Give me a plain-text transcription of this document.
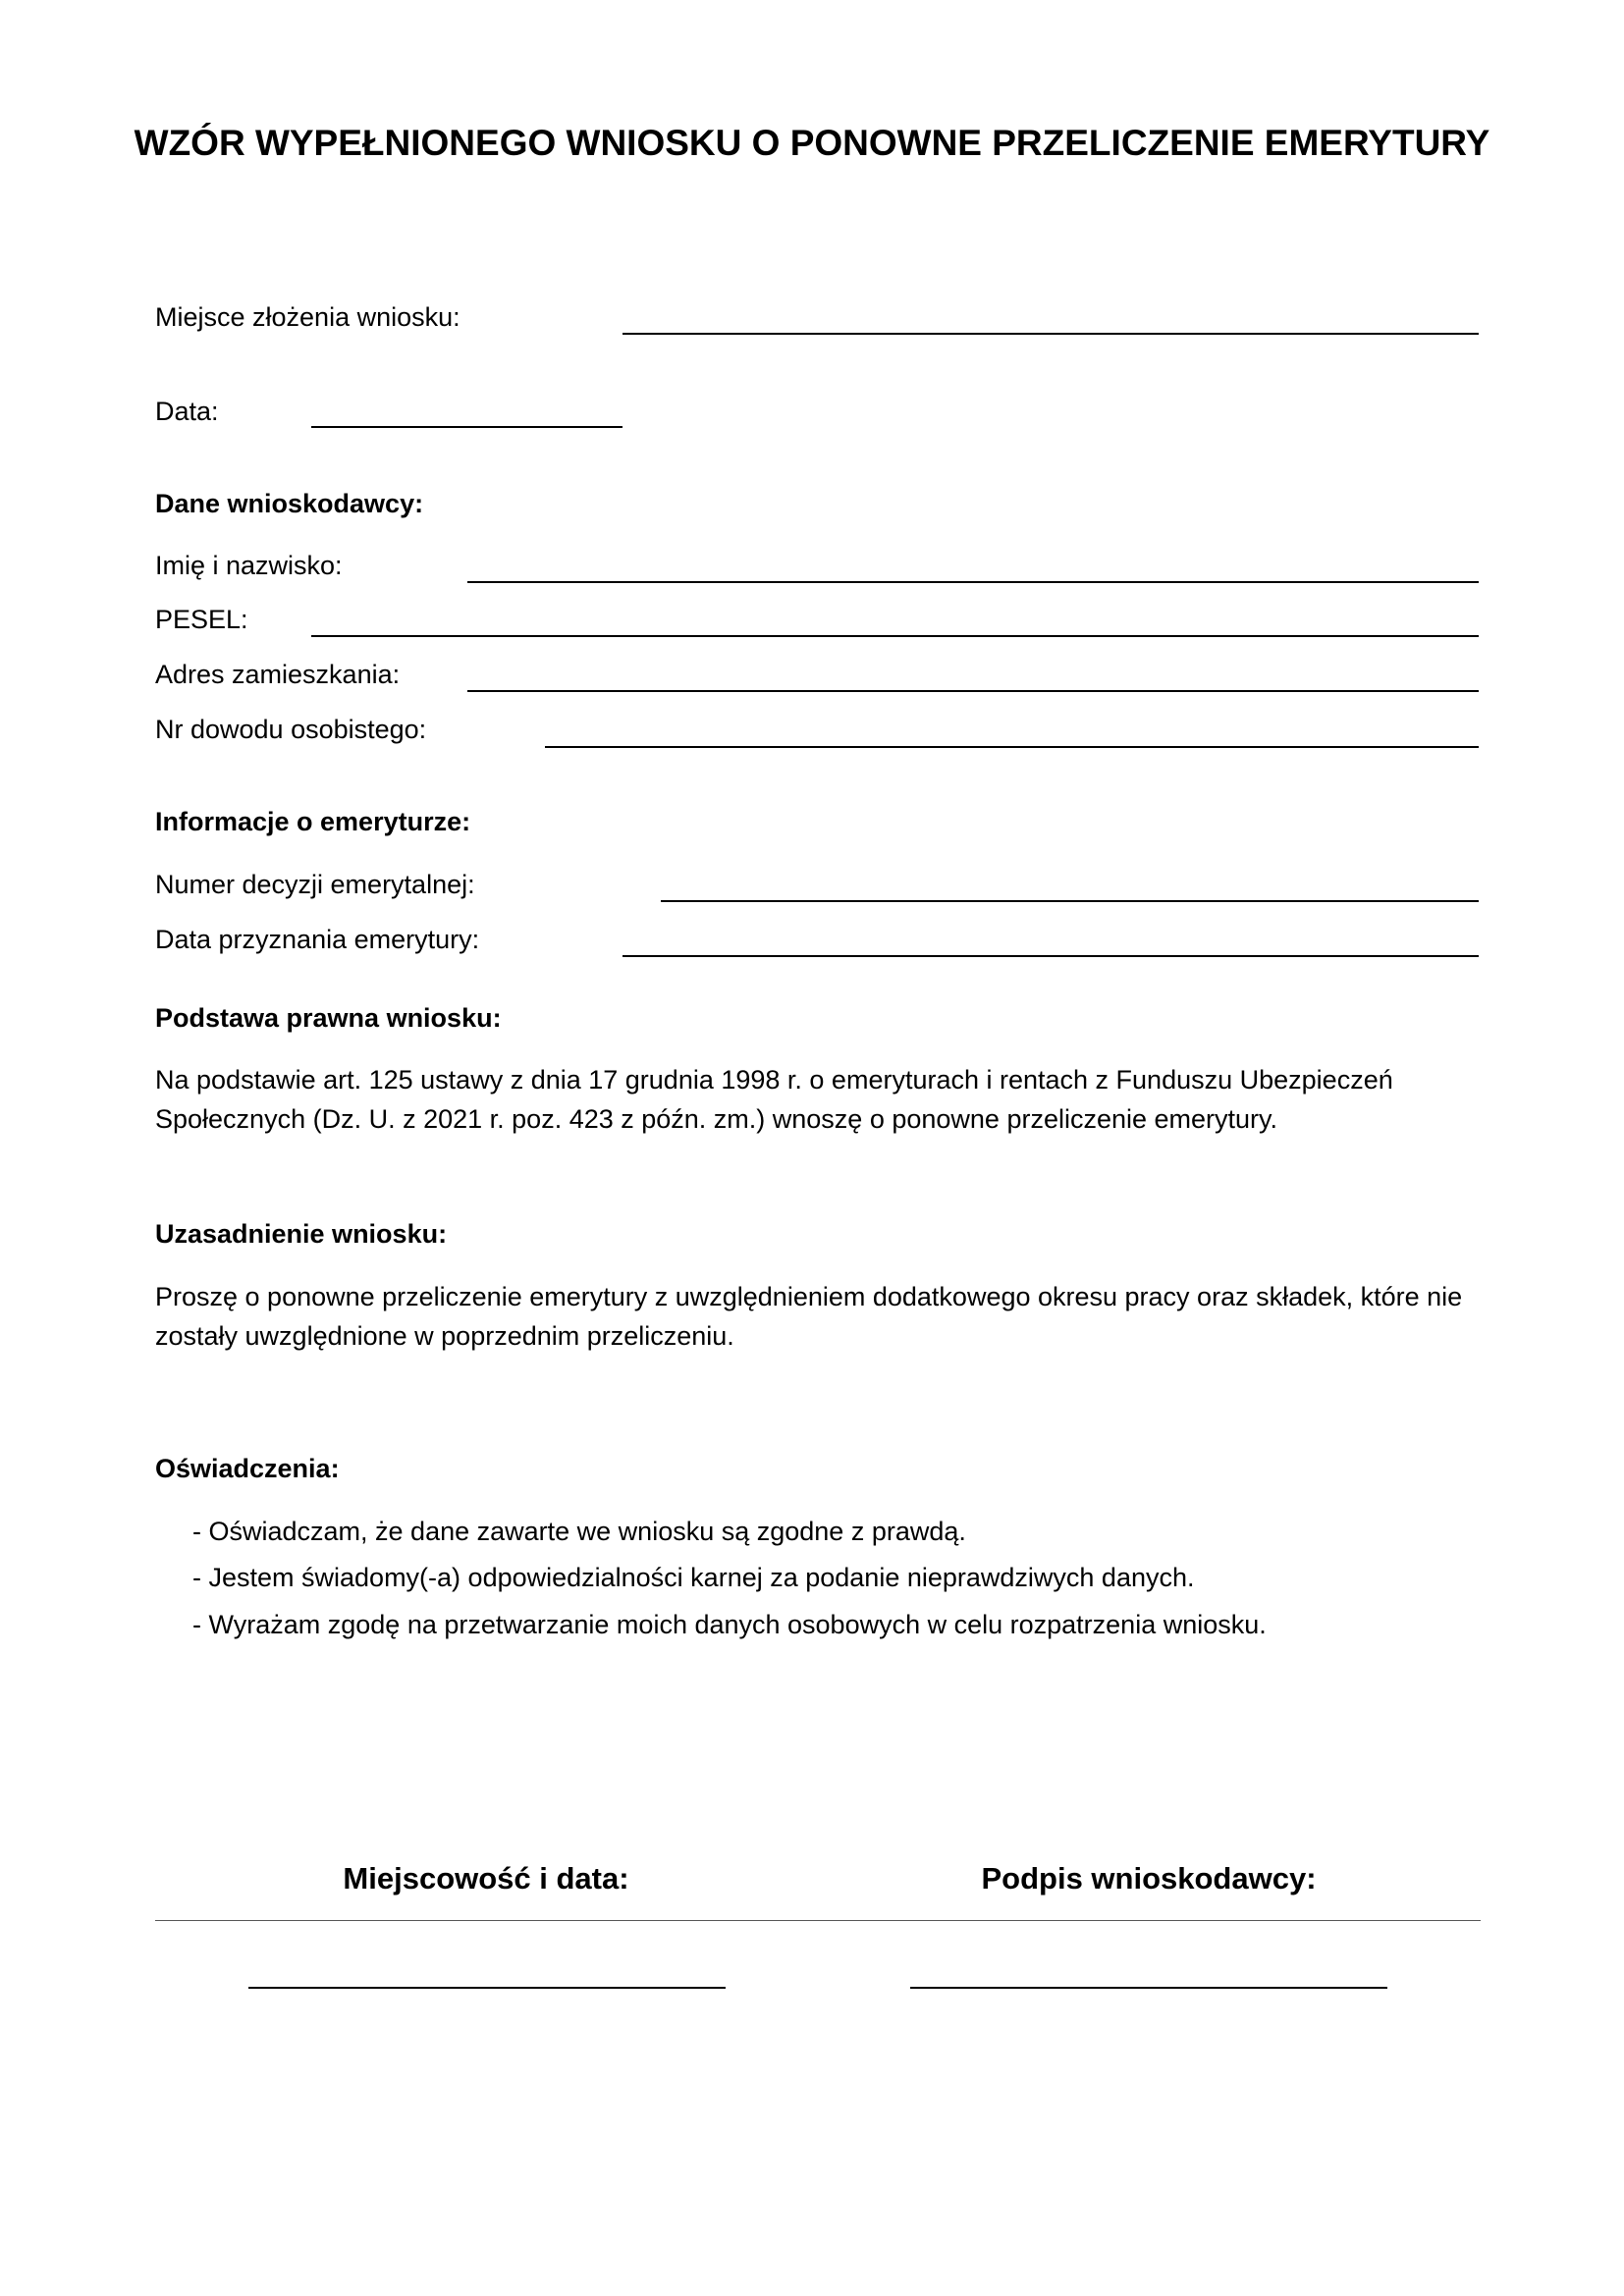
WZÓR WYPEŁNIONEGO WNIOSKU O PONOWNE PRZELICZENIE EMERYTURY
Miejsce złożenia wniosku:
Data:
Dane wnioskodawcy:
Imię i nazwisko:
PESEL:
Adres zamieszkania:
Nr dowodu osobistego:
Informacje o emeryturze:
Numer decyzji emerytalnej:
Data przyznania emerytury:
Podstawa prawna wniosku:
Na podstawie art. 125 ustawy z dnia 17 grudnia 1998 r. o emeryturach i rentach z Funduszu Ubezpieczeń Społecznych (Dz. U. z 2021 r. poz. 423 z późn. zm.) wnoszę o ponowne przeliczenie emerytury.
Uzasadnienie wniosku:
Proszę o ponowne przeliczenie emerytury z uwzględnieniem dodatkowego okresu pracy oraz składek, które nie zostały uwzględnione w poprzednim przeliczeniu.
Oświadczenia:
- Oświadczam, że dane zawarte we wniosku są zgodne z prawdą.
- Jestem świadomy(-a) odpowiedzialności karnej za podanie nieprawdziwych danych.
- Wyrażam zgodę na przetwarzanie moich danych osobowych w celu rozpatrzenia wniosku.
Miejscowość i data:	Podpis wnioskodawcy:
